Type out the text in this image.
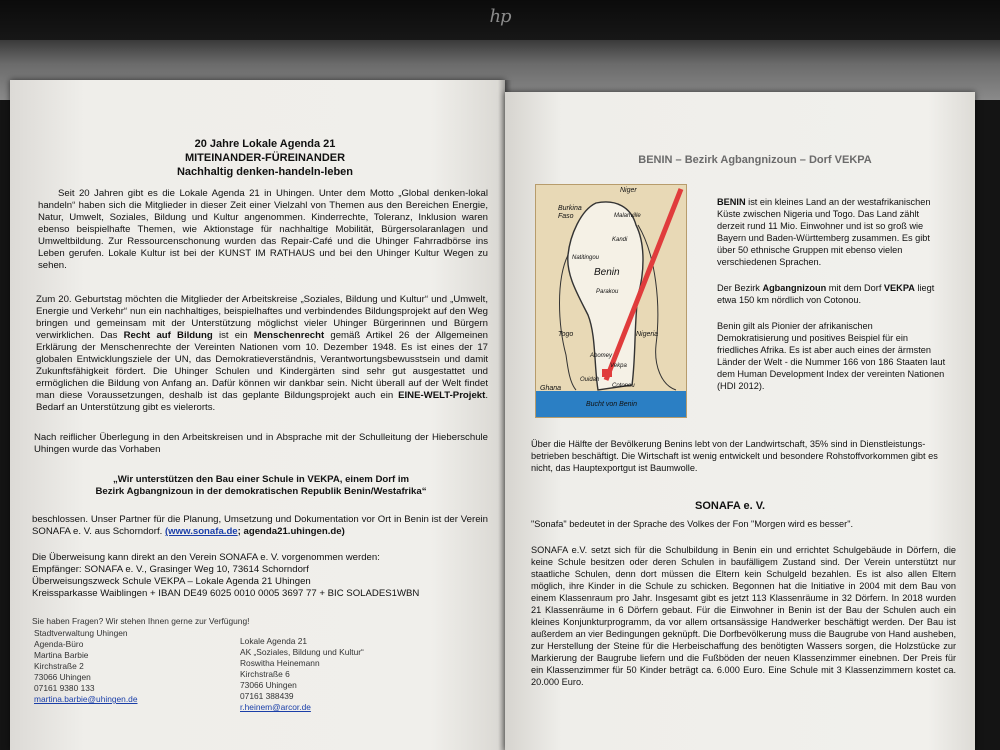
hp
20 Jahre Lokale Agenda 21
MITEINANDER-FÜREINANDER
Nachhaltig denken-handeln-leben
Seit 20 Jahren gibt es die Lokale Agenda 21 in Uhingen. Unter dem Motto „Global denken-lokal handeln“ haben sich die Mitglieder in dieser Zeit einer Vielzahl von Themen aus den Bereichen Energie, Natur, Umwelt, Soziales, Bildung und Kultur angenommen. Kinderrechte, Toleranz, Inklusion waren ebenso beispielhafte Themen, wie Aktionstage für nachhaltige Mobilität, Bürgersolaranlagen und Umweltbildung. Zur Ressourcenschonung wurden das Repair-Café und die Uhinger Fahrradbörse ins Leben gerufen. Lokale Kultur ist bei der KUNST IM RATHAUS und bei den Uhinger Kultur Wegen zu sehen.
Zum 20. Geburtstag möchten die Mitglieder der Arbeitskreise „Soziales, Bildung und Kultur“ und „Umwelt, Energie und Verkehr“ nun ein nachhaltiges, beispielhaftes und verbindendes Bildungsprojekt auf den Weg bringen und gemeinsam mit der Unterstützung möglichst vieler Uhinger Bürgerinnen und Bürgern verwirklichen. Das Recht auf Bildung ist ein Menschenrecht gemäß Artikel 26 der Allgemeinen Erklärung der Menschenrechte der Vereinten Nationen vom 10. Dezember 1948. Es ist eines der 17 globalen Entwicklungsziele der UN, das Demokratieverständnis, Verantwortungsbewusstsein und damit Zukunftsfähigkeit fördert. Die Uhinger Schulen und Kindergärten sind sehr gut ausgestattet und ermöglichen die Bildung von Anfang an. Dafür können wir dankbar sein. Nicht überall auf der Welt findet man diese Voraussetzungen, deshalb ist das geplante Bildungsprojekt auch ein EINE-WELT-Projekt. Bedarf an Unterstützung gibt es vielerorts.
Nach reiflicher Überlegung in den Arbeitskreisen und in Absprache mit der Schulleitung der Hieberschule Uhingen wurde das Vorhaben
„Wir unterstützen den Bau einer Schule in VEKPA, einem Dorf im
Bezirk Agbangnizoun in der demokratischen Republik Benin/Westafrika“
beschlossen. Unser Partner für die Planung, Umsetzung und Dokumentation vor Ort in Benin ist der Verein SONAFA e. V. aus Schorndorf. (www.sonafa.de; agenda21.uhingen.de)
Die Überweisung kann direkt an den Verein SONAFA e. V. vorgenommen werden:
Empfänger: SONAFA e. V., Grasinger Weg 10, 73614 Schorndorf
Überweisungszweck Schule VEKPA – Lokale Agenda 21 Uhingen
Kreissparkasse Waiblingen + IBAN DE49 6025 0010 0005 3697 77 + BIC SOLADES1WBN
Sie haben Fragen? Wir stehen Ihnen gerne zur Verfügung!
Stadtverwaltung Uhingen
Agenda-Büro
Martina Barbie
Kirchstraße 2
73066 Uhingen
07161 9380 133
martina.barbie@uhingen.de
Lokale Agenda 21
AK „Soziales, Bildung und Kultur“
Roswitha Heinemann
Kirchstraße 6
73066 Uhingen
07161 388439
r.heinem@arcor.de
BENIN – Bezirk Agbangnizoun – Dorf VEKPA
Niger
Burkina Faso	Malanville
Kandi
Natitingou
Benin
Parakou
Togo	Nigeria
Abomey
Vekpa
Cotonou
Ouidah
Ghana
Bucht von Benin
BENIN ist ein kleines Land an der westafrikanischen Küste zwischen Nigeria und Togo. Das Land zählt derzeit rund 11 Mio. Einwohner und ist so groß wie Bayern und Baden-Württemberg zusammen. Es gibt über 50 ethnische Gruppen mit ebenso vielen verschiedenen Sprachen.
Der Bezirk Agbangnizoun mit dem Dorf VEKPA liegt etwa 150 km nördlich von Cotonou.
Benin gilt als Pionier der afrikanischen Demokratisierung und positives Beispiel für ein friedliches Afrika. Es ist aber auch eines der ärmsten Länder der Welt - die Nummer 166 von 186 Staaten laut dem Human Development Index der vereinten Nationen (HDI 2012).
Über die Hälfte der Bevölkerung Benins lebt von der Landwirtschaft, 35% sind in Dienstleistungs-betrieben beschäftigt. Die Wirtschaft ist wenig entwickelt und besondere Rohstoffvorkommen gibt es nicht, das Hauptexportgut ist Baumwolle.
SONAFA e. V.
"Sonafa" bedeutet in der Sprache des Volkes der Fon "Morgen wird es besser".
SONAFA e.V. setzt sich für die Schulbildung in Benin ein und errichtet Schulgebäude in Dörfern, die keine Schule besitzen oder deren Schulen in baufälligem Zustand sind. Der Verein unterstützt nur staatliche Schulen, denn dort müssen die Eltern kein Schulgeld bezahlen. Es ist also allen Eltern möglich, ihre Kinder in die Schule zu schicken. Begonnen hat die Initiative in 2004 mit dem Bau von einem Klassenraum pro Jahr. Insgesamt gibt es jetzt 113 Klassenräume in 32 Dörfern. In 2018 wurden 21 Klassenräume in 6 Dörfern gebaut. Für die Einwohner in Benin ist der Bau der Schulen auch ein kleines Konjunkturprogramm, da vor allem ortsansässige Handwerker beschäftigt werden. Der Bau ist außerdem an vier Bedingungen geknüpft. Die Dorfbevölkerung muss die Baugrube von Hand ausheben, zur Herstellung der Steine für die Herbeischaffung des benötigten Wassers sorgen, die Holzstücke zur Markierung der Baugrube liefern und die Fußböden der neuen Klassenzimmer einebnen. Der Preis für ein Klassenzimmer für 50 Kinder beträgt ca. 6.000 Euro. Eine Schule mit 3 Klassenzimmern kostet ca. 20.000 Euro.
